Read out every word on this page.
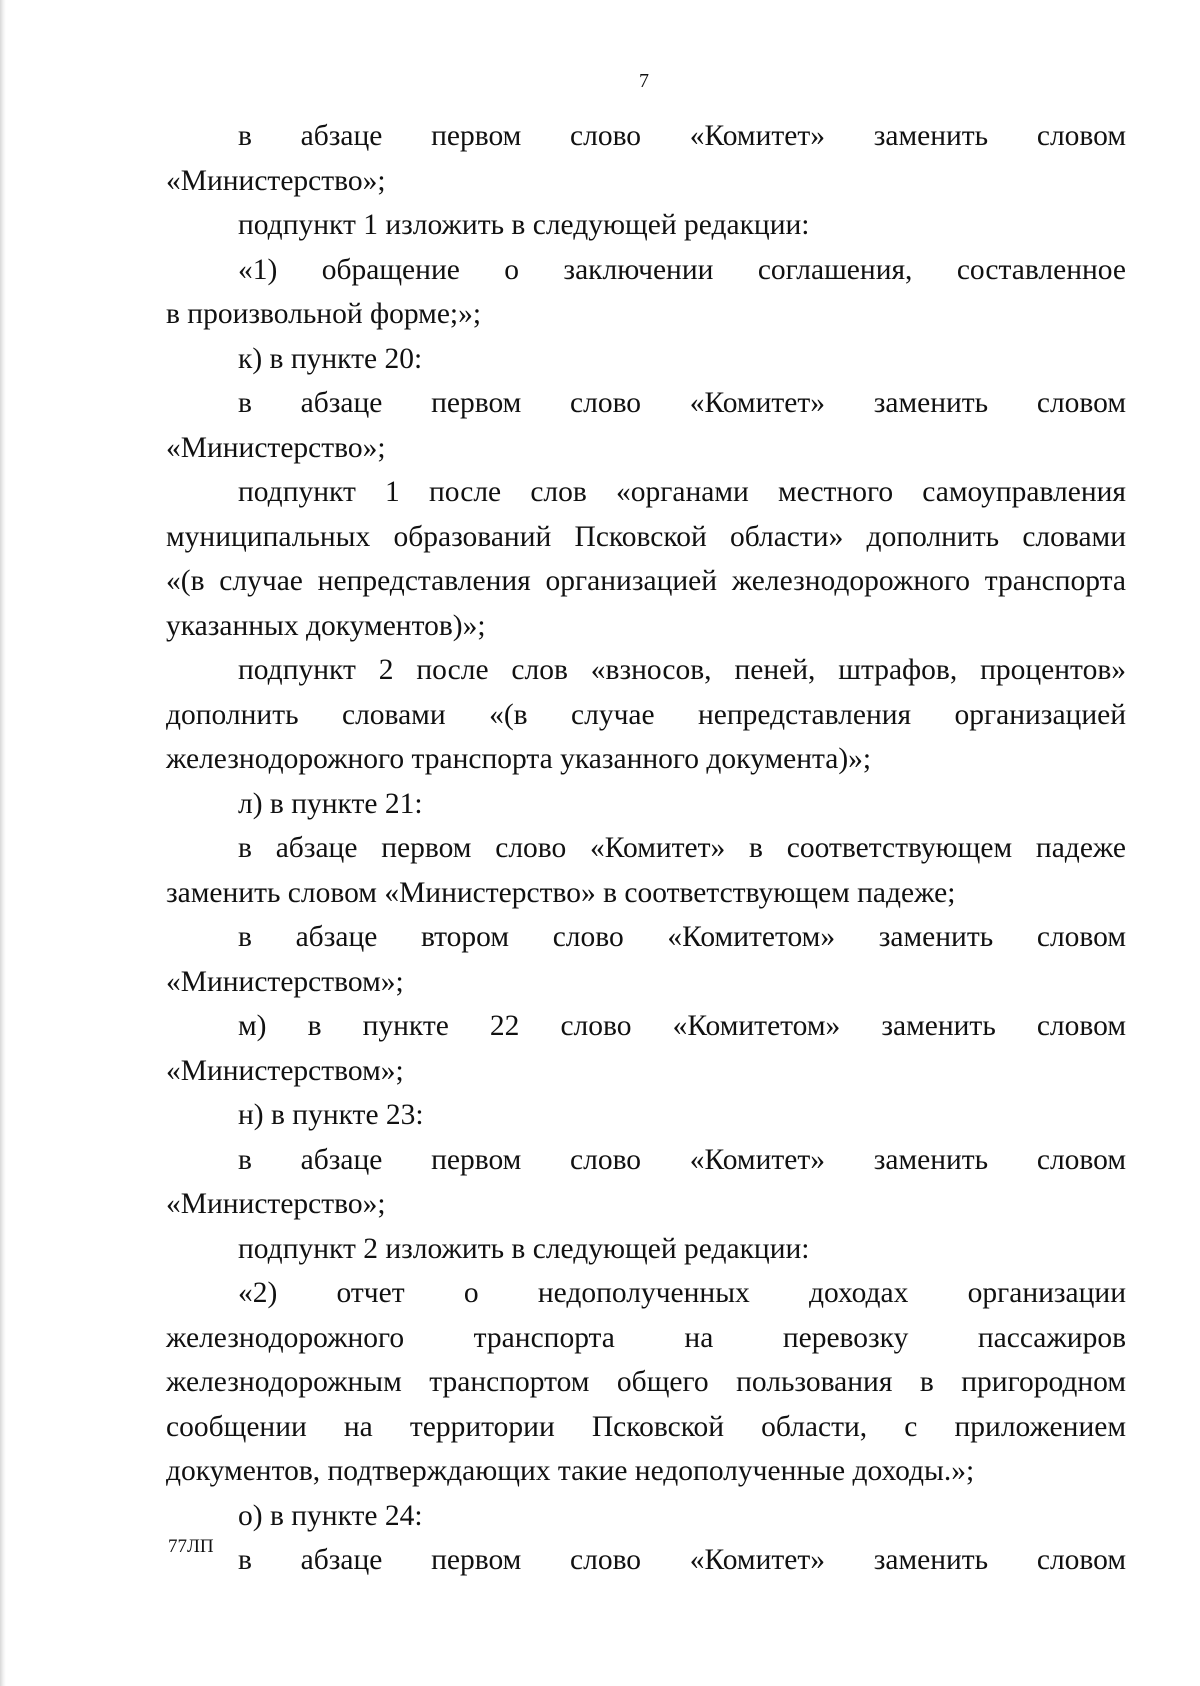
7

в абзаце первом слово «Комитет» заменить словом

«Министерство»;

подпункт 1 изложить в следующей редакции:

«1) обращение о заключении соглашения, составленное

в произвольной форме;»;

к) в пункте 20:

в абзаце первом слово «Комитет» заменить словом

«Министерство»;

подпункт 1 после слов «органами местного самоуправления

муниципальных образований Псковской области» дополнить словами
«(в случае непредставления организацией железнодорожного транспорта
указанных документов)»;

подпункт 2 после слов «взносов, пеней, штрафов, процентов»

дополнить словами «(в случае непредставления организацией
железнодорожного транспорта указанного документа)»;

л) в пункте 21:

в абзаце первом слово «Комитет» в соответствующем падеже

заменить словом «Министерство» в соответствующем падеже;

в абзаце втором слово «Комитетом» заменить словом

«Министерством»;

м) в пункте 22 слово «Комитетом» заменить словом

«Министерством»;

н) в пункте 23:

в абзаце первом слово «Комитет» заменить словом

«Министерство»;

подпункт 2 изложить в следующей редакции:

«2) отчет о недополученных доходах организации

железнодорожного транспорта на перевозку пассажиров
железнодорожным транспортом общего пользования в пригородном
сообщении на территории Псковской области, с приложением
документов, подтверждающих такие недополученные доходы.»;

о) в пункте 24:

в абзаце первом слово «Комитет» заменить словом

77ЛП
